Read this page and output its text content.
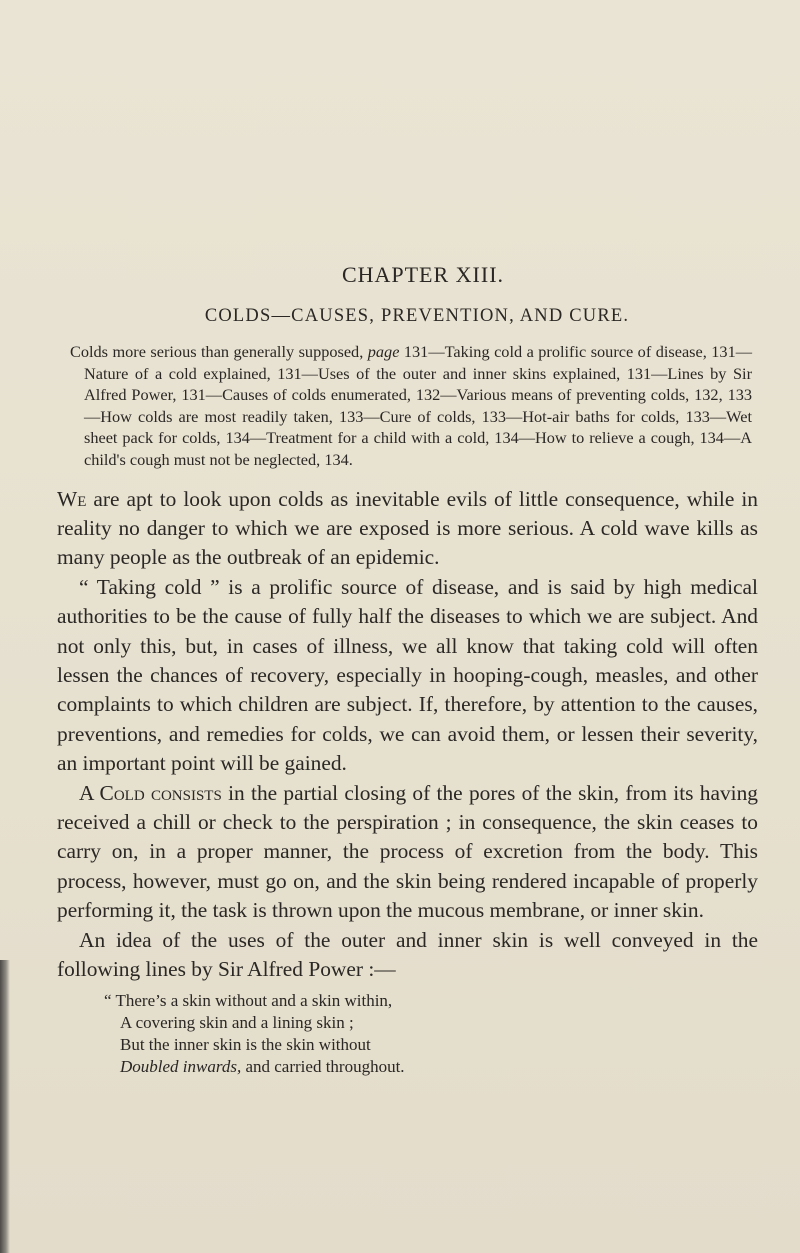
CHAPTER XIII.
COLDS—CAUSES, PREVENTION, AND CURE.

Colds more serious than generally supposed, page 131—Taking cold a prolific source of disease, 131—Nature of a cold explained, 131—Uses of the outer and inner skins explained, 131—Lines by Sir Alfred Power, 131—Causes of colds enumerated, 132—Various means of preventing colds, 132, 133—How colds are most readily taken, 133—Cure of colds, 133—Hot-air baths for colds, 133—Wet sheet pack for colds, 134—Treatment for a child with a cold, 134—How to relieve a cough, 134—A child's cough must not be neglected, 134.

We are apt to look upon colds as inevitable evils of little consequence, while in reality no danger to which we are exposed is more serious. A cold wave kills as many people as the outbreak of an epidemic.

“ Taking cold ” is a prolific source of disease, and is said by high medical authorities to be the cause of fully half the diseases to which we are subject. And not only this, but, in cases of illness, we all know that taking cold will often lessen the chances of recovery, especially in hooping-cough, measles, and other complaints to which children are subject. If, therefore, by attention to the causes, preventions, and remedies for colds, we can avoid them, or lessen their severity, an important point will be gained.

A Cold consists in the partial closing of the pores of the skin, from its having received a chill or check to the perspiration ; in consequence, the skin ceases to carry on, in a proper manner, the process of excretion from the body. This process, however, must go on, and the skin being rendered incapable of properly performing it, the task is thrown upon the mucous membrane, or inner skin.

An idea of the uses of the outer and inner skin is well conveyed in the following lines by Sir Alfred Power :—

“ There’s a skin without and a skin within,
A covering skin and a lining skin ;
But the inner skin is the skin without
Doubled inwards, and carried throughout.
